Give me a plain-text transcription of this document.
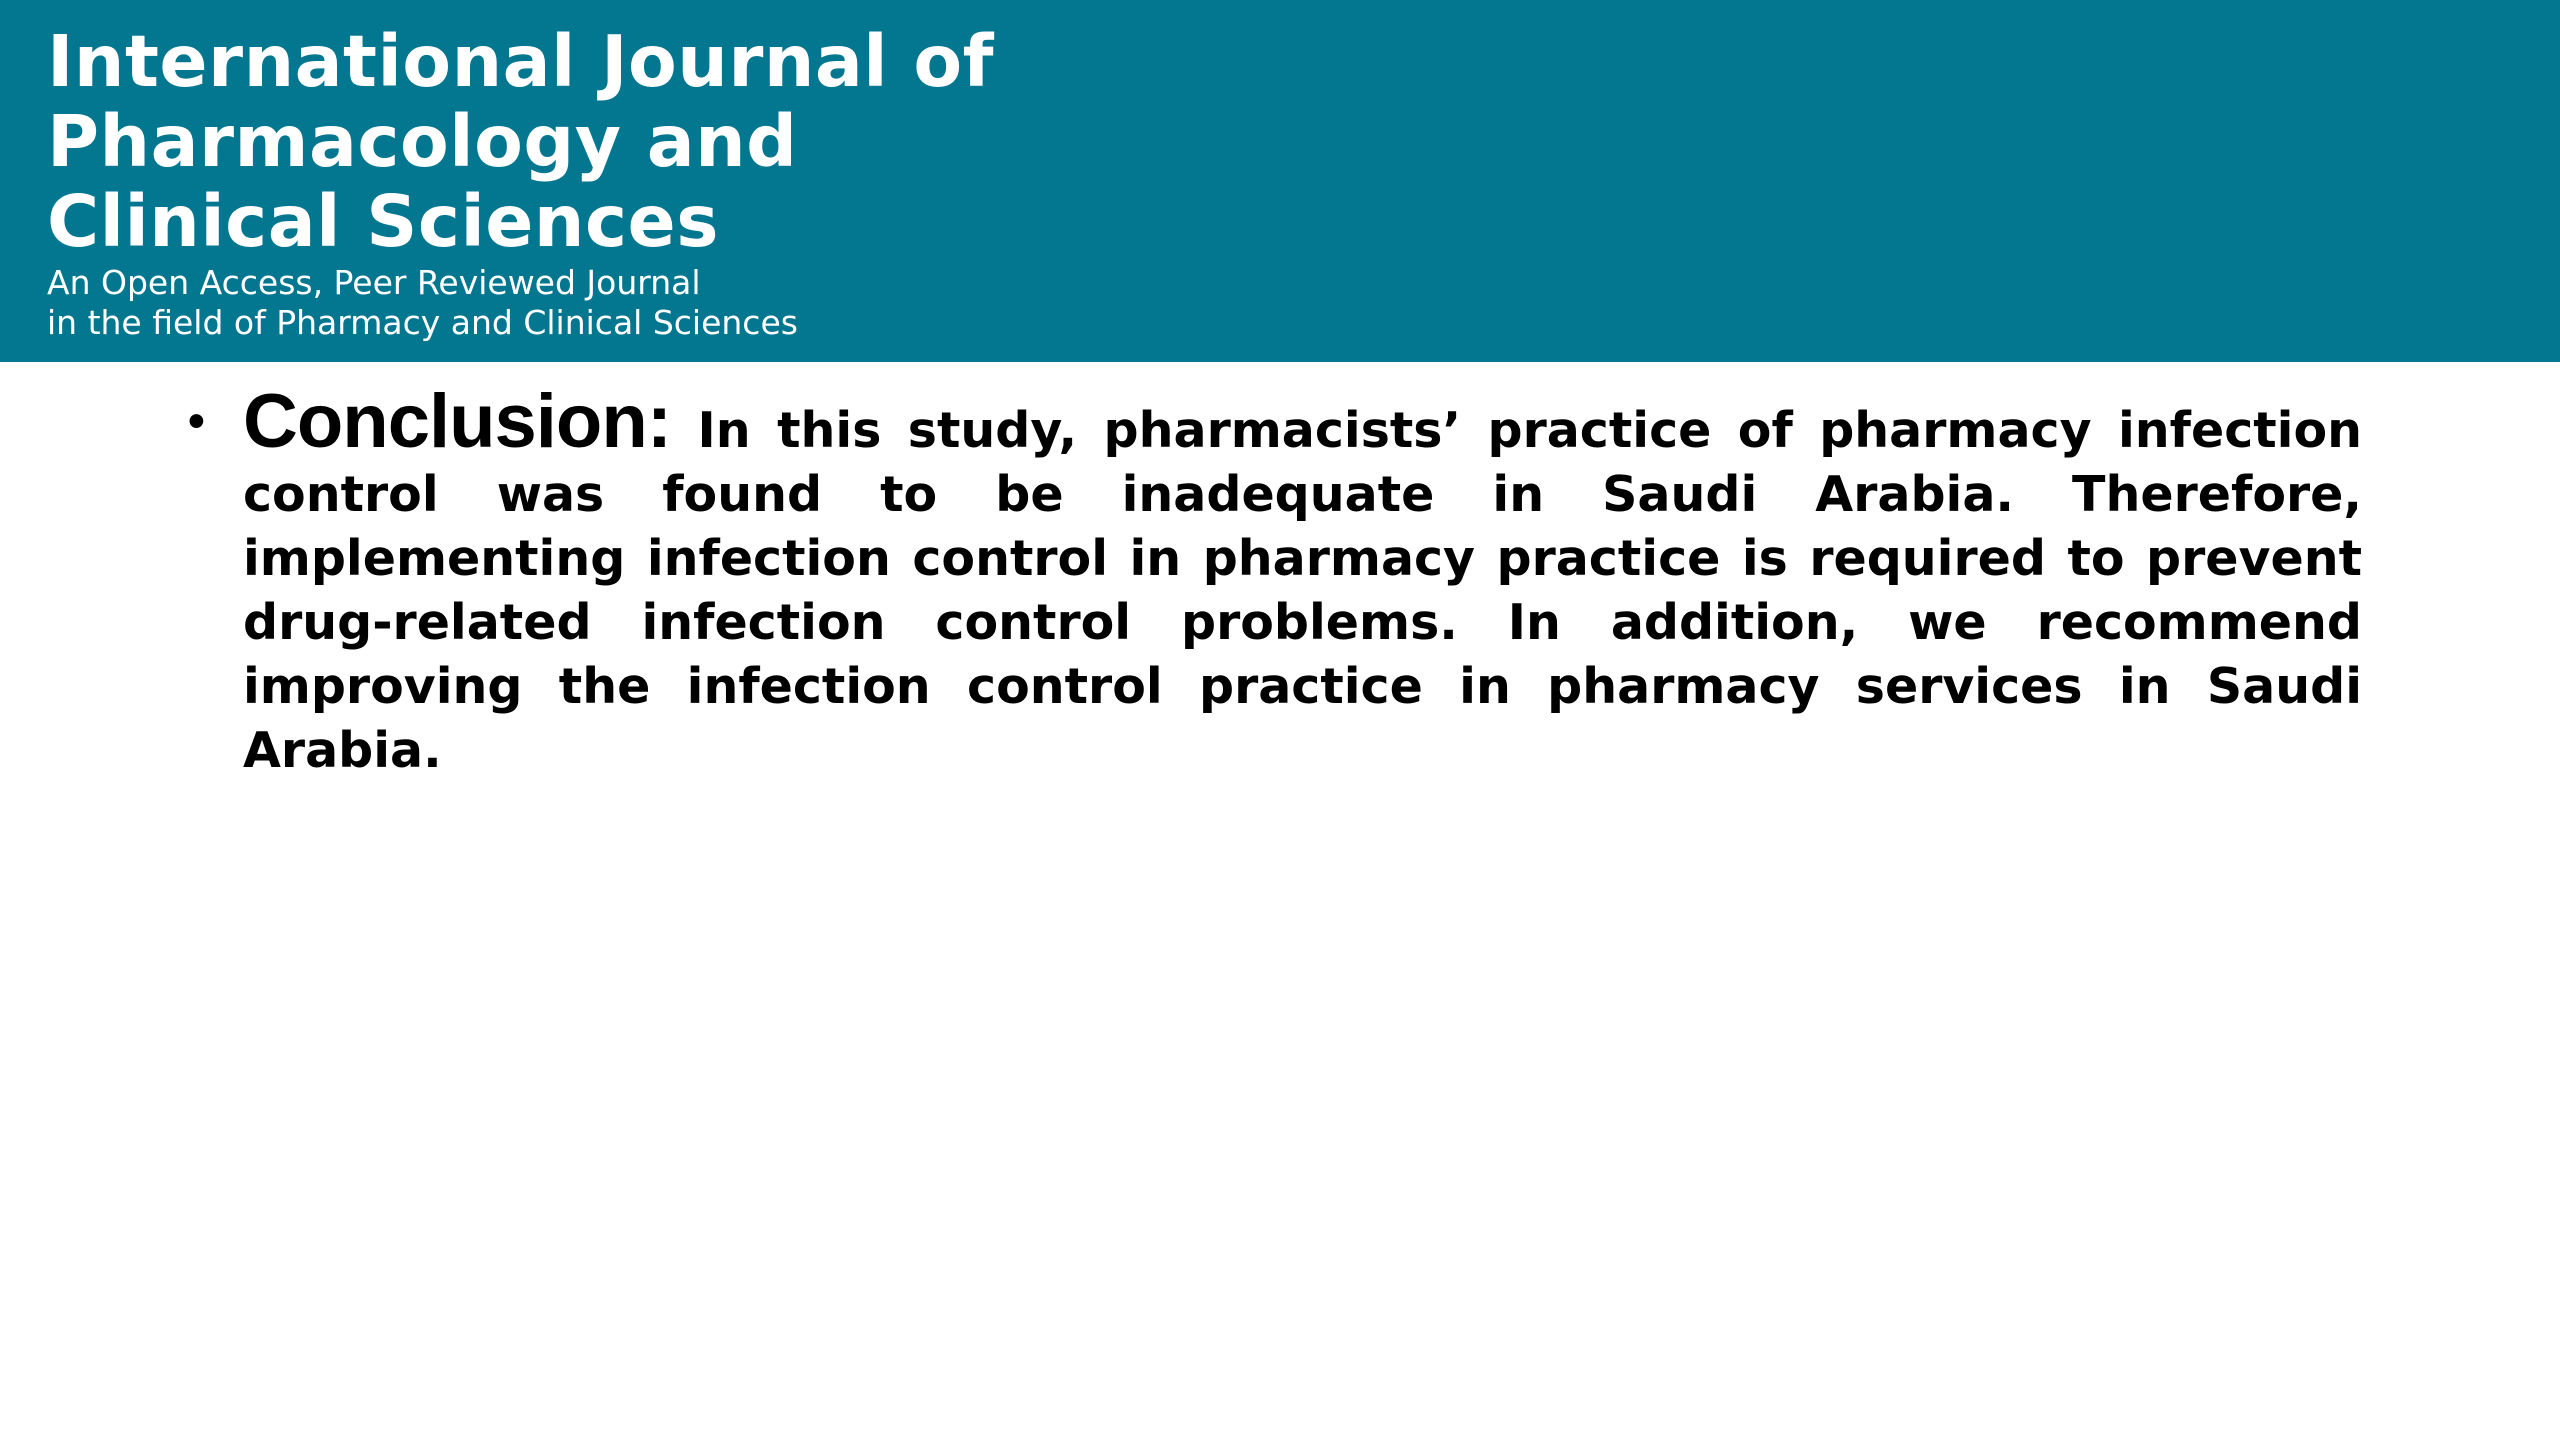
International Journal of
Pharmacology and
Clinical Sciences

An Open Access, Peer Reviewed Journal
in the field of Pharmacy and Clinical Sciences

• Conclusion: In this study, pharmacists’ practice of pharmacy infection control was found to be inadequate in Saudi Arabia. Therefore, implementing infection control in pharmacy practice is required to prevent drug-related infection control problems. In addition, we recommend improving the infection control practice in pharmacy services in Saudi Arabia.
